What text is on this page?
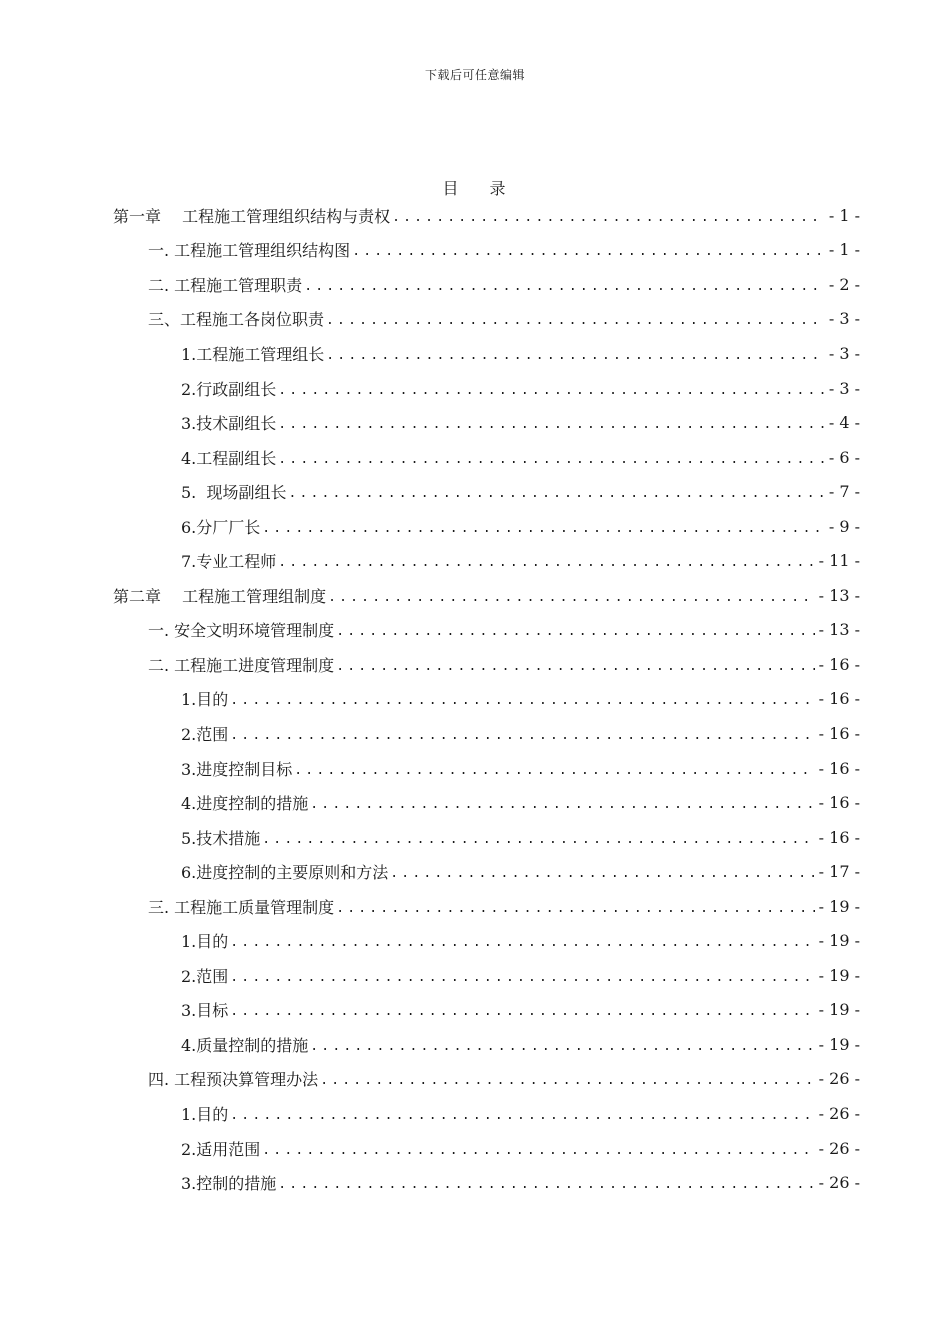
下载后可任意编辑
目 录
第一章　 工程施工管理组织结构与责权 .....	- 1 -
一. 工程施工管理组织结构图 .....	- 1 -
二. 工程施工管理职责 .....	- 2 -
三、工程施工各岗位职责 .....	- 3 -
1.工程施工管理组长 .....	- 3 -
2.行政副组长 .....	- 3 -
3.技术副组长 .....	- 4 -
4.工程副组长 .....	- 6 -
5.  现场副组长 .....	- 7 -
6.分厂厂长 .....	- 9 -
7.专业工程师 .....	- 11 -
第二章　 工程施工管理组制度 .....	- 13 -
一. 安全文明环境管理制度 .....	- 13 -
二. 工程施工进度管理制度 .....	- 16 -
1.目的 .....	- 16 -
2.范围 .....	- 16 -
3.进度控制目标 .....	- 16 -
4.进度控制的措施 .....	- 16 -
5.技术措施 .....	- 16 -
6.进度控制的主要原则和方法 .....	- 17 -
三. 工程施工质量管理制度 .....	- 19 -
1.目的 .....	- 19 -
2.范围 .....	- 19 -
3.目标 .....	- 19 -
4.质量控制的措施 .....	- 19 -
四. 工程预决算管理办法 .....	- 26 -
1.目的 .....	- 26 -
2.适用范围 .....	- 26 -
3.控制的措施 .....	- 26 -
